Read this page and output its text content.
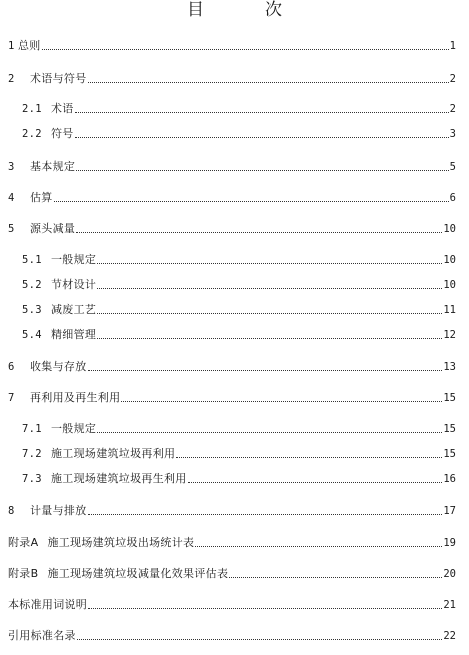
目　次
1 总则	1
2 术语与符号	2
2.1 术语	2
2.2 符号	3
3 基本规定	5
4 估算	6
5 源头减量	10
5.1 一般规定	10
5.2 节材设计	10
5.3 减废工艺	11
5.4 精细管理	12
6 收集与存放	13
7 再利用及再生利用	15
7.1 一般规定	15
7.2 施工现场建筑垃圾再利用	15
7.3 施工现场建筑垃圾再生利用	16
8 计量与排放	17
附录A 施工现场建筑垃圾出场统计表	19
附录B 施工现场建筑垃圾减量化效果评估表	20
本标准用词说明	21
引用标准名录	22
